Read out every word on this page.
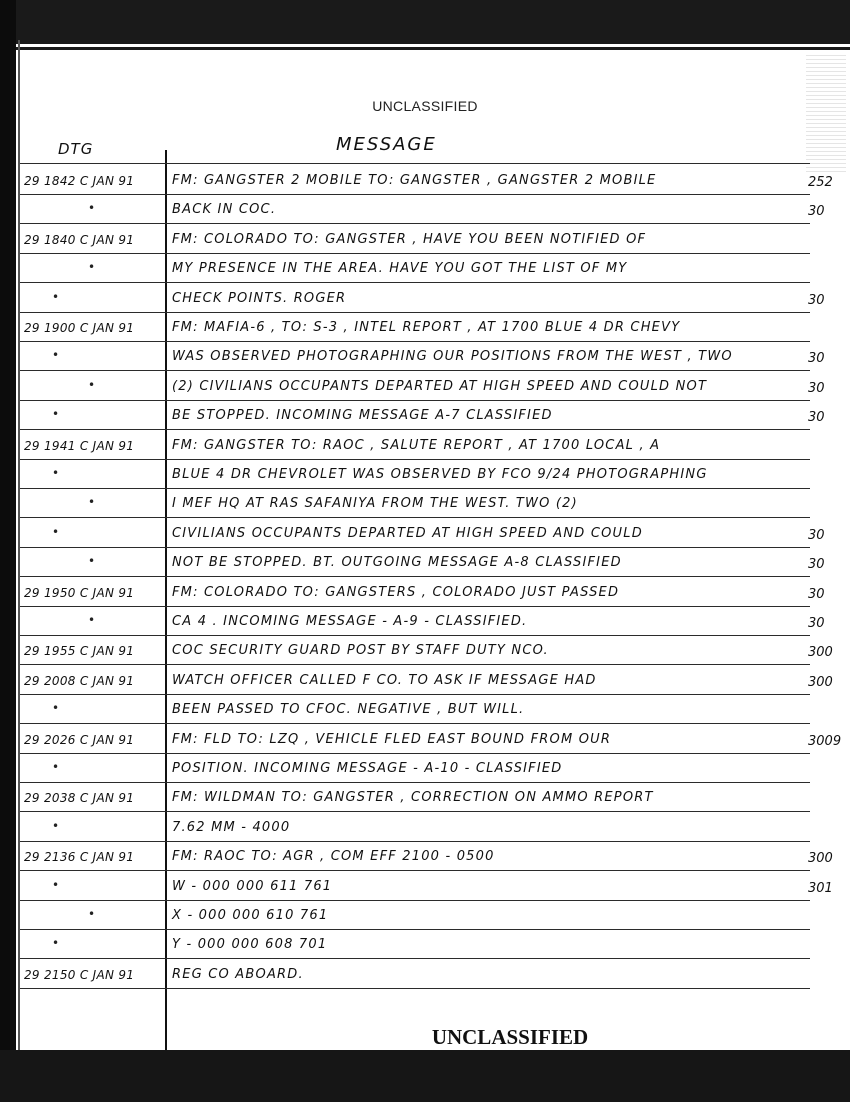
UNCLASSIFIED
DTG	MESSAGE
29 1842 C JAN 91	FM: GANGSTER 2 MOBILE TO: GANGSTER , GANGSTER 2 MOBILE	252
•	BACK IN COC.	30
29 1840 C JAN 91	FM: COLORADO TO: GANGSTER , HAVE YOU BEEN NOTIFIED OF
•	MY PRESENCE IN THE AREA. HAVE YOU GOT THE LIST OF MY
•	CHECK POINTS. ROGER	30
29 1900 C JAN 91	FM: MAFIA-6 , TO: S-3 , INTEL REPORT , AT 1700 BLUE 4 DR CHEVY
•	WAS OBSERVED PHOTOGRAPHING OUR POSITIONS FROM THE WEST , TWO	30
•	(2) CIVILIANS OCCUPANTS DEPARTED AT HIGH SPEED AND COULD NOT	30
•	BE STOPPED. INCOMING MESSAGE A-7 CLASSIFIED	30
29 1941 C JAN 91	FM: GANGSTER TO: RAOC , SALUTE REPORT , AT 1700 LOCAL , A
•	BLUE 4 DR CHEVROLET WAS OBSERVED BY FCO 9/24 PHOTOGRAPHING
•	I MEF HQ AT RAS SAFANIYA FROM THE WEST. TWO (2)
•	CIVILIANS OCCUPANTS DEPARTED AT HIGH SPEED AND COULD	30
•	NOT BE STOPPED. BT. OUTGOING MESSAGE A-8 CLASSIFIED	30
29 1950 C JAN 91	FM: COLORADO TO: GANGSTERS , COLORADO JUST PASSED	30
•	CA 4 . INCOMING MESSAGE - A-9 - CLASSIFIED.	30
29 1955 C JAN 91	COC SECURITY GUARD POST BY STAFF DUTY NCO.	300
29 2008 C JAN 91	WATCH OFFICER CALLED F CO. TO ASK IF MESSAGE HAD	300
•	BEEN PASSED TO CFOC. NEGATIVE , BUT WILL.
29 2026 C JAN 91	FM: FLD TO: LZQ , VEHICLE FLED EAST BOUND FROM OUR	3009
•	POSITION. INCOMING MESSAGE - A-10 - CLASSIFIED
29 2038 C JAN 91	FM: WILDMAN TO: GANGSTER , CORRECTION ON AMMO REPORT
•	7.62 MM - 4000
29 2136 C JAN 91	FM: RAOC TO: AGR , COM EFF 2100 - 0500	300
•	W - 000 000 611 761	301
•	X - 000 000 610 761
•	Y - 000 000 608 701
29 2150 C JAN 91	REG CO ABOARD.
UNCLASSIFIED
